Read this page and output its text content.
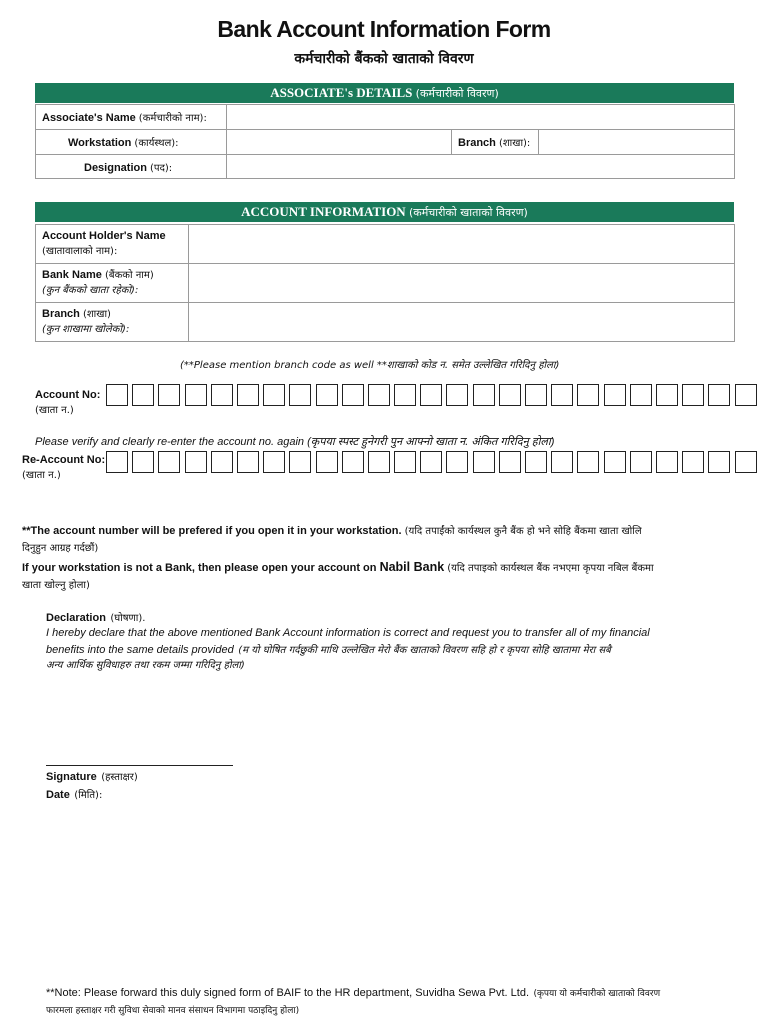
Bank Account Information Form
कर्मचारीको बैंकको खाताको विवरण
ASSOCIATE's DETAILS (कर्मचारीको विवरण)
Associate's Name (कर्मचारीको नाम):			
Workstation (कार्यस्थल):		Branch (शाखा):	
Designation (पद):			
ACCOUNT INFORMATION (कर्मचारीको खाताको विवरण)
Account Holder's Name
(खातावालाको नाम):	

Bank Name (बैंकको नाम)
(कुन बैंकको खाता रहेको):	

Branch (शाखा)
(कुन शाखामा खोलेको):	

(**Please mention branch code as well **शाखाको कोड न. समेत उल्लेखित गरिदिनु होला)
Account No:
(खाता न.)
Please verify and clearly re-enter the account no. again (कृपया स्पस्ट हुनेगरी पुन आफ्नो खाता न. अंकित गरिदिनु होला)
Re-Account No:
(खाता न.)
**The account number will be prefered if you open it in your workstation. (यदि तपाईंको कार्यस्थल कुनै बैंक हो भने सोहि बैंकमा खाता खोलि
दिनुहुन आग्रह गर्दछौं)
If your workstation is not a Bank, then please open your account on Nabil Bank (यदि तपाइको कार्यस्थल बैंक नभएमा कृपया नबिल बैंकमा
खाता खोल्नु होला)
Declaration (घोषणा).
I hereby declare that the above mentioned Bank Account information is correct and request you to transfer all of my financial
benefits into the same details provided (म यो घोषित गर्दछुकी माथि उल्लेखित मेरो बैंक खाताको विवरण सहि हो र कृपया सोहि खातामा मेरा सबै
अन्य आर्थिक सुविधाहरु तथा रकम जम्मा गरिदिनु होला)
Signature (हस्ताक्षर)
Date (मिति):
**Note: Please forward this duly signed form of BAIF to the HR department, Suvidha Sewa Pvt. Ltd. (कृपया यो कर्मचारीको खाताको विवरण
फारमला हस्ताक्षर गरी सुविधा सेवाको मानव संसाधन विभागमा पठाइदिनु होला)
